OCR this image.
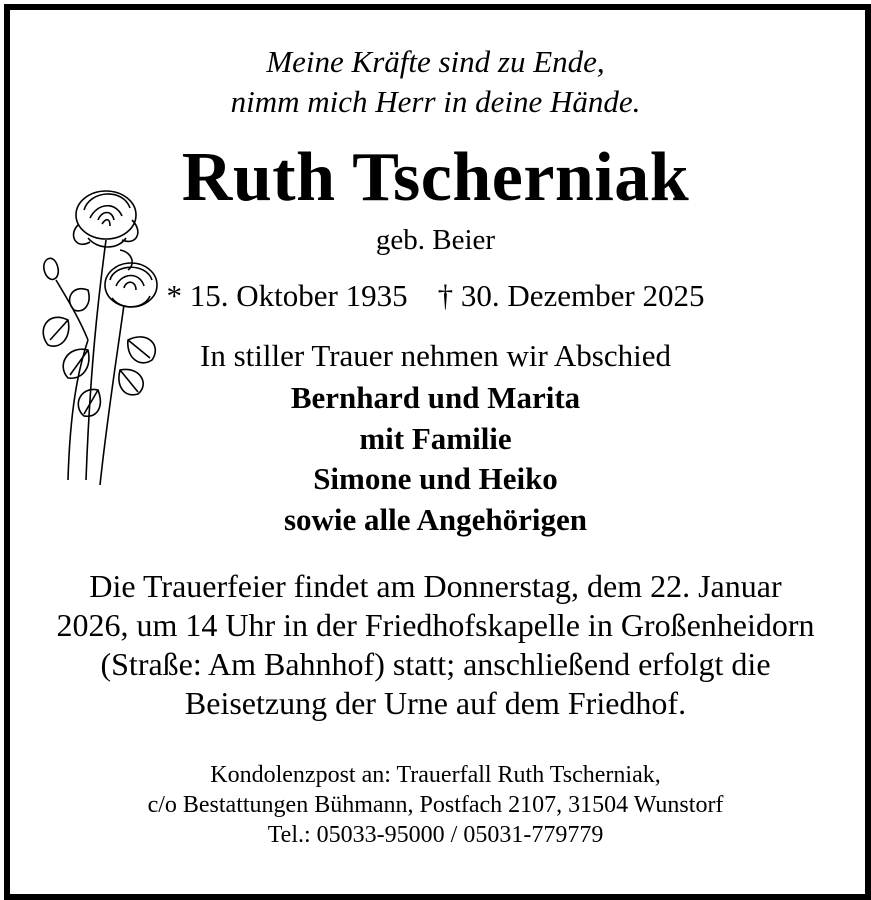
Meine Kräfte sind zu Ende,
nimm mich Herr in deine Hände.
Ruth Tscherniak
geb. Beier
* 15. Oktober 1935 † 30. Dezember 2025
In stiller Trauer nehmen wir Abschied
Bernhard und Marita
mit Familie
Simone und Heiko
sowie alle Angehörigen
Die Trauerfeier findet am Donnerstag, dem 22. Januar
2026, um 14 Uhr in der Friedhofskapelle in Großenheidorn
(Straße: Am Bahnhof) statt; anschließend erfolgt die
Beisetzung der Urne auf dem Friedhof.
Kondolenzpost an: Trauerfall Ruth Tscherniak,
c/o Bestattungen Bühmann, Postfach 2107, 31504 Wunstorf
Tel.: 05033-95000 / 05031-779779
